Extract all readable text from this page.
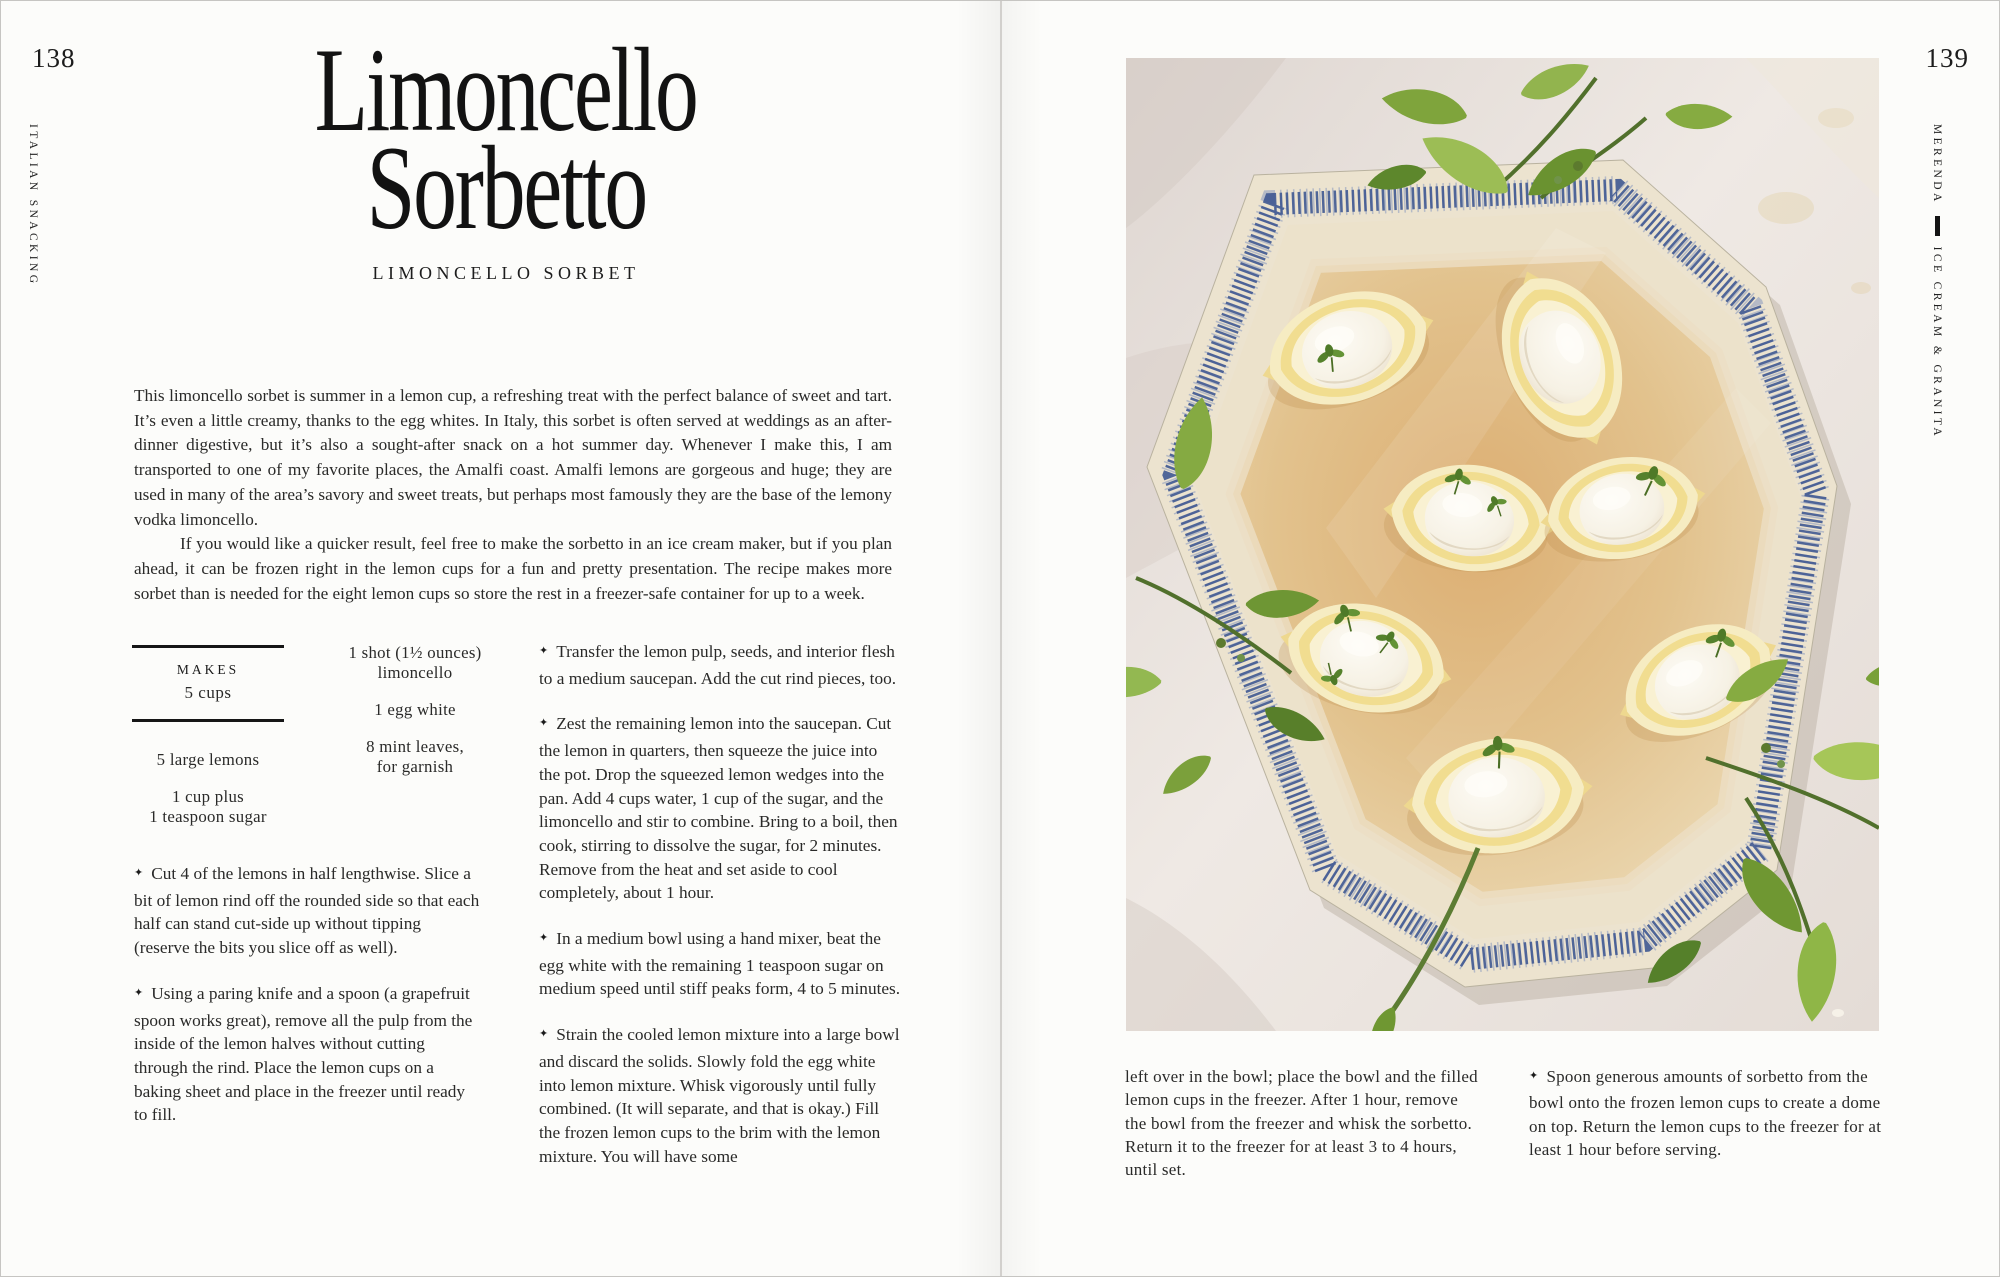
138
ITALIAN SNACKING
Limoncello
Sorbetto
LIMONCELLO SORBET

This limoncello sorbet is summer in a lemon cup, a refreshing treat with the perfect balance of sweet and tart. It’s even a little creamy, thanks to the egg whites. In Italy, this sorbet is often served at weddings as an after-dinner digestive, but it’s also a sought-after snack on a hot summer day. Whenever I make this, I am transported to one of my favorite places, the Amalfi coast. Amalfi lemons are gorgeous and huge; they are used in many of the area’s savory and sweet treats, but perhaps most famously they are the base of the lemony vodka limoncello.

If you would like a quicker result, feel free to make the sorbetto in an ice cream maker, but if you plan ahead, it can be frozen right in the lemon cups for a fun and pretty presentation. The recipe makes more sorbet than is needed for the eight lemon cups so store the rest in a freezer-safe container for up to a week.

MAKES
5 cups

5 large lemons

1 cup plus
1 teaspoon sugar

1 shot (1½ ounces)
limoncello

1 egg white

8 mint leaves,
for garnish

✦ Cut 4 of the lemons in half lengthwise. Slice a bit of lemon rind off the rounded side so that each half can stand cut-side up without tipping (reserve the bits you slice off as well).

✦ Using a paring knife and a spoon (a grapefruit spoon works great), remove all the pulp from the inside of the lemon halves without cutting through the rind. Place the lemon cups on a baking sheet and place in the freezer until ready to fill.

✦ Transfer the lemon pulp, seeds, and interior flesh to a medium saucepan. Add the cut rind pieces, too.

✦ Zest the remaining lemon into the saucepan. Cut the lemon in quarters, then squeeze the juice into the pot. Drop the squeezed lemon wedges into the pan. Add 4 cups water, 1 cup of the sugar, and the limoncello and stir to combine. Bring to a boil, then cook, stirring to dissolve the sugar, for 2 minutes. Remove from the heat and set aside to cool completely, about 1 hour.

✦ In a medium bowl using a hand mixer, beat the egg white with the remaining 1 teaspoon sugar on medium speed until stiff peaks form, 4 to 5 minutes.

✦ Strain the cooled lemon mixture into a large bowl and discard the solids. Slowly fold the egg white into lemon mixture. Whisk vigorously until fully combined. (It will separate, and that is okay.) Fill the frozen lemon cups to the brim with the lemon mixture. You will have some

139
MERENDAICE CREAM & GRANITA

left over in the bowl; place the bowl and the filled lemon cups in the freezer. After 1 hour, remove the bowl from the freezer and whisk the sorbetto. Return it to the freezer for at least 3 to 4 hours, until set.

✦ Spoon generous amounts of sorbetto from the bowl onto the frozen lemon cups to create a dome on top. Return the lemon cups to the freezer for at least 1 hour before serving.
